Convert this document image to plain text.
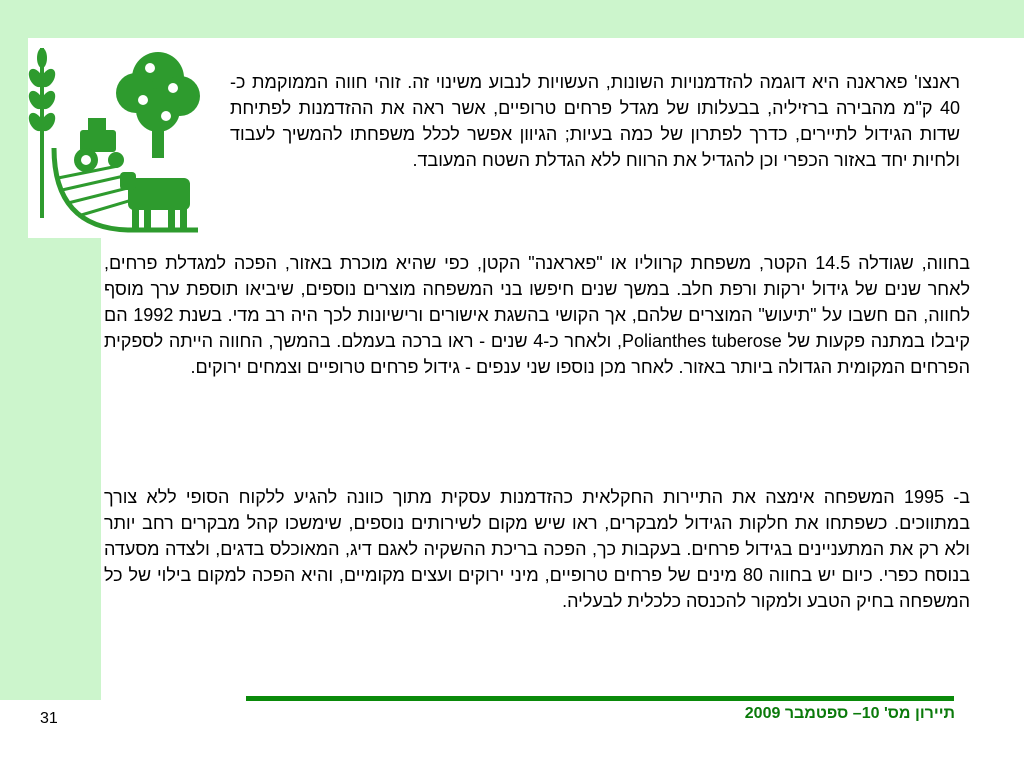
ראנצו' פאראנה היא דוגמה להזדמנויות השונות, העשויות לנבוע משינוי זה. זוהי חווה הממוקמת כ- 40 ק"מ מהבירה ברזיליה, בבעלותו של מגדל פרחים טרופיים, אשר ראה את ההזדמנות לפתיחת שדות הגידול לתיירים, כדרך לפתרון של כמה בעיות; הגיוון אפשר לכלל משפחתו להמשיך לעבוד ולחיות יחד באזור הכפרי וכן להגדיל את הרווח ללא הגדלת השטח המעובד.
בחווה, שגודלה 14.5 הקטר, משפחת קרווליו או "פאראנה" הקטן, כפי שהיא מוכרת באזור, הפכה למגדלת פרחים, לאחר שנים של גידול ירקות ורפת חלב. במשך שנים חיפשו בני המשפחה מוצרים נוספים, שיביאו תוספת ערך מוסף לחווה, הם חשבו על "תיעוש" המוצרים שלהם, אך הקושי בהשגת אישורים ורישיונות לכך היה רב מדי. בשנת 1992 הם קיבלו במתנה פקעות של Polianthes tuberose, ולאחר כ-4 שנים - ראו ברכה בעמלם. בהמשך, החווה הייתה לספקית הפרחים המקומית הגדולה ביותר באזור. לאחר מכן נוספו שני ענפים - גידול פרחים טרופיים וצמחים ירוקים.
ב- 1995 המשפחה אימצה את התיירות החקלאית כהזדמנות עסקית מתוך כוונה להגיע ללקוח הסופי ללא צורך במתווכים. כשפתחו את חלקות הגידול למבקרים, ראו שיש מקום לשירותים נוספים, שימשכו קהל מבקרים רחב יותר ולא רק את המתעניינים בגידול פרחים. בעקבות כך, הפכה בריכת ההשקיה לאגם דיג, המאוכלס בדגים, ולצדה מסעדה בנוסח כפרי. כיום יש בחווה 80 מינים של פרחים טרופיים, מיני ירוקים ועצים מקומיים, והיא הפכה למקום בילוי של כל המשפחה בחיק הטבע ולמקור להכנסה כלכלית לבעליה.
תיירון מס' 10– ספטמבר 2009
31
